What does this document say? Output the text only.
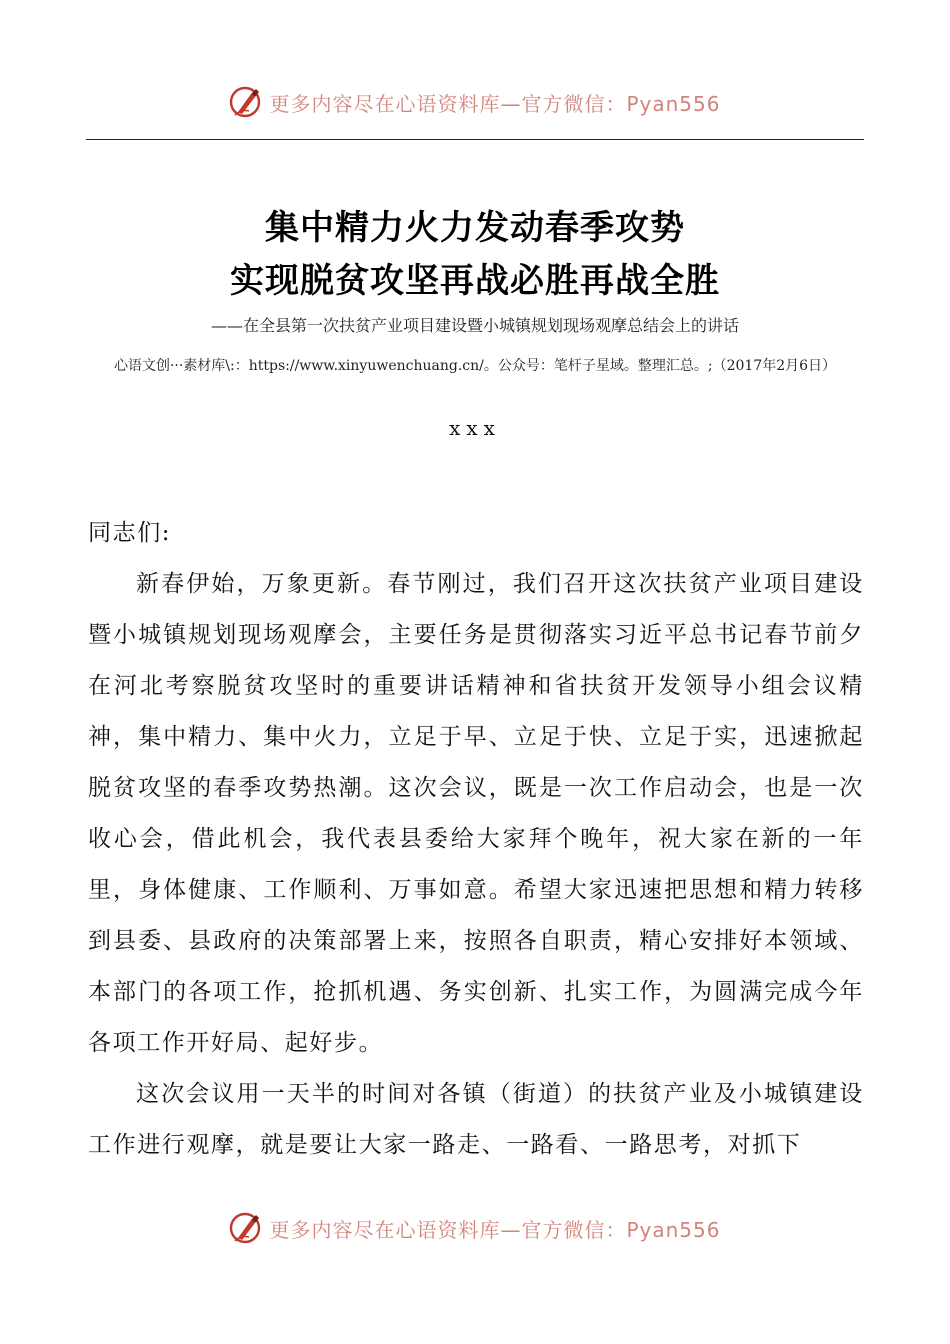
更多内容尽在心语资料库—官方微信：Pyan556
集中精力火力发动春季攻势
实现脱贫攻坚再战必胜再战全胜
——在全县第一次扶贫产业项目建设暨小城镇规划现场观摩总结会上的讲话
心语文创···素材库\:：https://www.xinyuwenchuang.cn/。公众号：笔杆子星域。整理汇总。;（2017年2月6日）
xxx

同志们:

新春伊始，万象更新。春节刚过，我们召开这次扶贫产业项目建设暨小城镇规划现场观摩会，主要任务是贯彻落实习近平总书记春节前夕在河北考察脱贫攻坚时的重要讲话精神和省扶贫开发领导小组会议精神，集中精力、集中火力，立足于早、立足于快、立足于实，迅速掀起脱贫攻坚的春季攻势热潮。这次会议，既是一次工作启动会，也是一次收心会，借此机会，我代表县委给大家拜个晚年，祝大家在新的一年里，身体健康、工作顺利、万事如意。希望大家迅速把思想和精力转移到县委、县政府的决策部署上来，按照各自职责，精心安排好本领域、本部门的各项工作，抢抓机遇、务实创新、扎实工作，为圆满完成今年各项工作开好局、起好步。

这次会议用一天半的时间对各镇（街道）的扶贫产业及小城镇建设工作进行观摩，就是要让大家一路走、一路看、一路思考，对抓下

更多内容尽在心语资料库—官方微信：Pyan556
